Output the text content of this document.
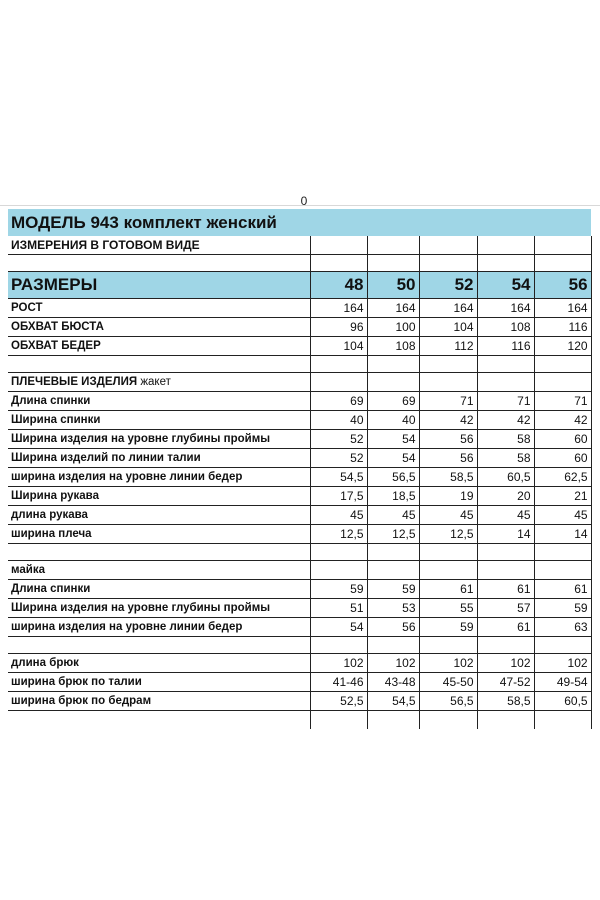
0
МОДЕЛЬ 943 комплект женский					
ИЗМЕРЕНИЯ В ГОТОВОМ ВИДЕ					

РАЗМЕРЫ	48	50	52	54	56
РОСТ	164	164	164	164	164
ОБХВАТ БЮСТА	96	100	104	108	116
ОБХВАТ БЕДЕР	104	108	112	116	120

ПЛЕЧЕВЫЕ ИЗДЕЛИЯ жакет					
Длина спинки	69	69	71	71	71
Ширина спинки	40	40	42	42	42
Ширина изделия на уровне глубины проймы	52	54	56	58	60
Ширина изделий по линии талии	52	54	56	58	60
ширина изделия на уровне линии бедер	54,5	56,5	58,5	60,5	62,5
Ширина рукава	17,5	18,5	19	20	21
длина рукава	45	45	45	45	45
ширина плеча	12,5	12,5	12,5	14	14

майка					
Длина спинки	59	59	61	61	61
Ширина изделия на уровне глубины проймы	51	53	55	57	59
ширина изделия на уровне линии бедер	54	56	59	61	63

длина брюк	102	102	102	102	102
ширина брюк по талии	41-46	43-48	45-50	47-52	49-54
ширина брюк по бедрам	52,5	54,5	56,5	58,5	60,5
